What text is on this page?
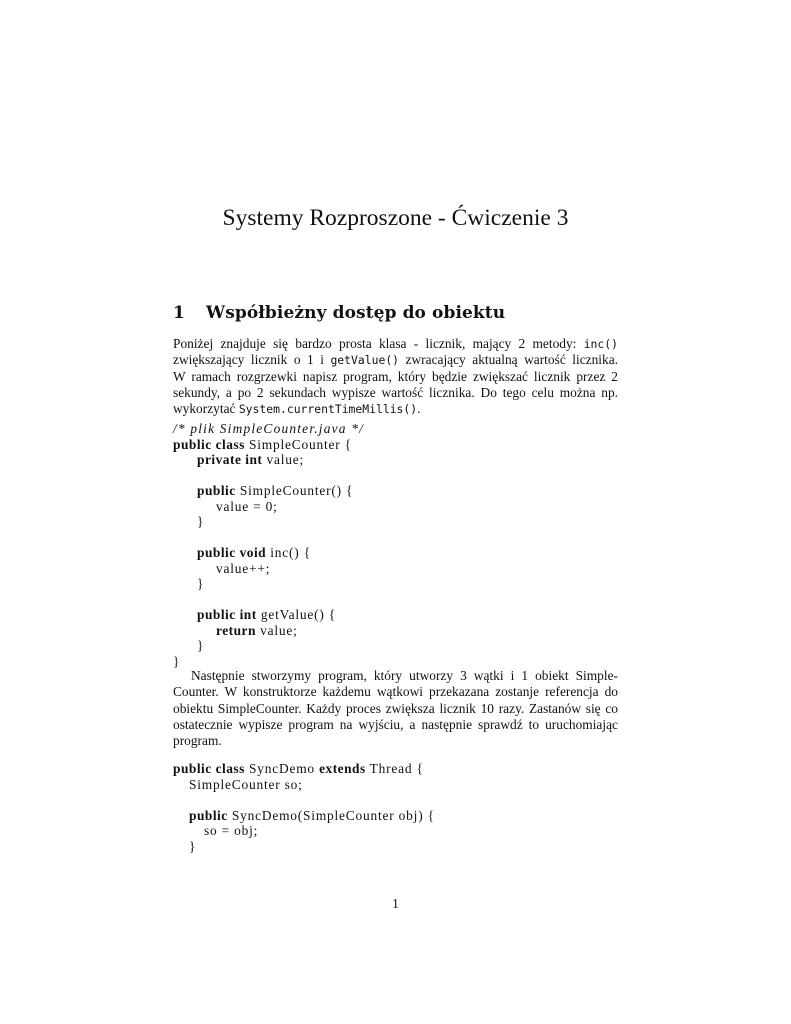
Systemy Rozproszone - Ćwiczenie 3
1 Współbieżny dostęp do obiektu
Poniżej znajduje się bardzo prosta klasa - licznik, mający 2 metody: inc()
zwiększający licznik o 1 i getValue() zwracający aktualną wartość licznika.
W ramach rozgrzewki napisz program, który będzie zwiększać licznik przez 2
sekundy, a po 2 sekundach wypisze wartość licznika. Do tego celu można np.
wykorzytać System.currentTimeMillis().
/* plik SimpleCounter.java */
public class SimpleCounter {
private int value;
public SimpleCounter() {
value = 0;
}
public void inc() {
value++;
}
public int getValue() {
return value;
}
}
Następnie stworzymy program, który utworzy 3 wątki i 1 obiekt Simple-
Counter. W konstruktorze każdemu wątkowi przekazana zostanje referencja do
obiektu SimpleCounter. Każdy proces zwiększa licznik 10 razy. Zastanów się co
ostatecznie wypisze program na wyjściu, a następnie sprawdź to uruchomiając
program.
public class SyncDemo extends Thread {
SimpleCounter so;
public SyncDemo(SimpleCounter obj) {
so = obj;
}
1
